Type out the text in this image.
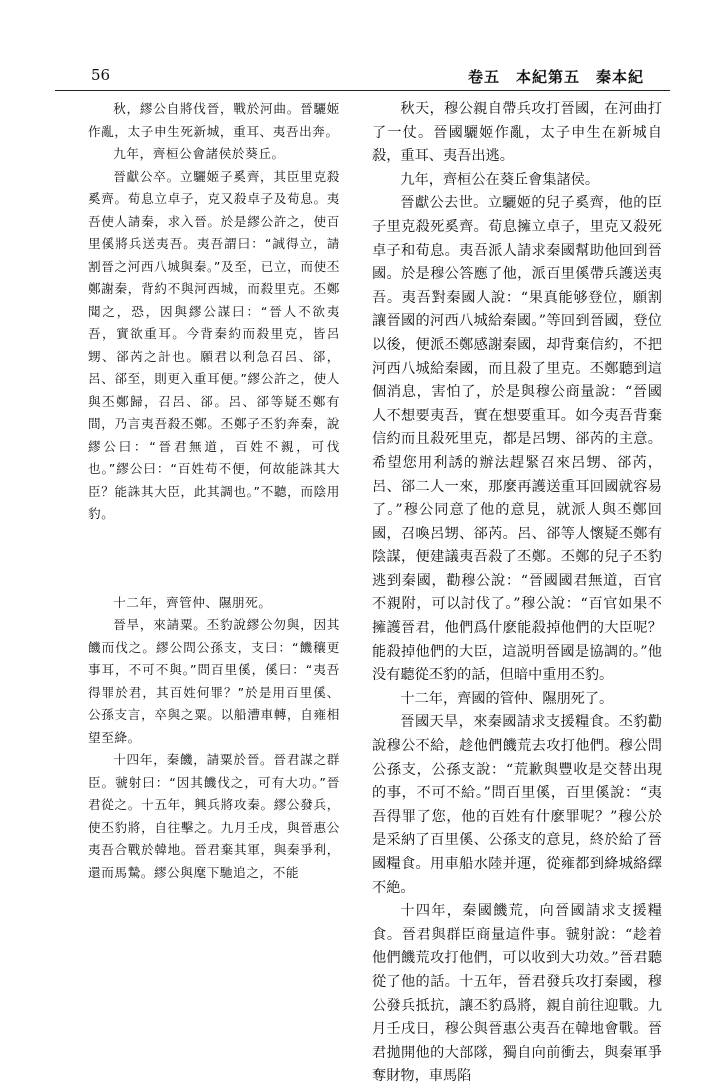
56	卷五　本紀第五　秦本紀

秋，繆公自將伐晉，戰於河曲。晉驪姬作亂，太子申生死新城，重耳、夷吾出奔。

九年，齊桓公會諸侯於葵丘。

晉獻公卒。立驪姬子奚齊，其臣里克殺奚齊。荀息立卓子，克又殺卓子及荀息。夷吾使人請秦，求入晉。於是繆公許之，使百里傒將兵送夷吾。夷吾謂曰：“誠得立，請割晉之河西八城與秦。”及至，已立，而使丕鄭謝秦，背約不與河西城，而殺里克。丕鄭聞之，恐，因與繆公謀曰：“晉人不欲夷吾，實欲重耳。今背秦約而殺里克，皆呂甥、郤芮之計也。願君以利急召呂、郤，呂、郤至，則更入重耳便。”繆公許之，使人與丕鄭歸，召呂、郤。呂、郤等疑丕鄭有間，乃言夷吾殺丕鄭。丕鄭子丕豹奔秦，說繆公曰：“晉君無道，百姓不親，可伐也。”繆公曰：“百姓苟不便，何故能誅其大臣？能誅其大臣，此其調也。”不聽，而陰用豹。

十二年，齊管仲、隰朋死。

晉旱，來請粟。丕豹說繆公勿與，因其饑而伐之。繆公問公孫支，支曰：“饑穰更事耳，不可不與。”問百里傒，傒曰：“夷吾得罪於君，其百姓何罪？”於是用百里傒、公孫支言，卒與之粟。以船漕車轉，自雍相望至絳。

十四年，秦饑，請粟於晉。晉君謀之群臣。虢射曰：“因其饑伐之，可有大功。”晉君從之。十五年，興兵將攻秦。繆公發兵，使丕豹將，自往擊之。九月壬戌，與晉惠公夷吾合戰於韓地。晉君棄其軍，與秦爭利，還而馬騺。繆公與麾下馳追之，不能

秋天，穆公親自帶兵攻打晉國，在河曲打了一仗。晉國驪姬作亂，太子申生在新城自殺，重耳、夷吾出逃。

九年，齊桓公在葵丘會集諸侯。

晉獻公去世。立驪姬的兒子奚齊，他的臣子里克殺死奚齊。荀息擁立卓子，里克又殺死卓子和荀息。夷吾派人請求秦國幫助他回到晉國。於是穆公答應了他，派百里傒帶兵護送夷吾。夷吾對秦國人說：“果真能够登位，願割讓晉國的河西八城給秦國。”等回到晉國，登位以後，便派丕鄭感謝秦國，却背棄信約，不把河西八城給秦國，而且殺了里克。丕鄭聽到這個消息，害怕了，於是與穆公商量說：“晉國人不想要夷吾，實在想要重耳。如今夷吾背棄信約而且殺死里克，都是呂甥、郤芮的主意。希望您用利誘的辦法趕緊召來呂甥、郤芮，呂、郤二人一來，那麼再護送重耳回國就容易了。”穆公同意了他的意見，就派人與丕鄭回國，召喚呂甥、郤芮。呂、郤等人懷疑丕鄭有陰謀，便建議夷吾殺了丕鄭。丕鄭的兒子丕豹逃到秦國，勸穆公說：“晉國國君無道，百官不親附，可以討伐了。”穆公說：“百官如果不擁護晉君，他們爲什麽能殺掉他們的大臣呢？能殺掉他們的大臣，這説明晉國是協調的。”他没有聽從丕豹的話，但暗中重用丕豹。

十二年，齊國的管仲、隰朋死了。

晉國天旱，來秦國請求支援糧食。丕豹勸說穆公不給，趁他們饑荒去攻打他們。穆公問公孫支，公孫支說：“荒歉與豐收是交替出現的事，不可不給。”問百里傒，百里傒說：“夷吾得罪了您，他的百姓有什麽罪呢？”穆公於是采納了百里傒、公孫支的意見，終於給了晉國糧食。用車船水陸并運，從雍都到絳城絡繹不絶。

十四年，秦國饑荒，向晉國請求支援糧食。晉君與群臣商量這件事。虢射說：“趁着他們饑荒攻打他們，可以收到大功效。”晉君聽從了他的話。十五年，晉君發兵攻打秦國，穆公發兵抵抗，讓丕豹爲將，親自前往迎戰。九月壬戌日，穆公與晉惠公夷吾在韓地會戰。晉君拋開他的大部隊，獨自向前衝去，與秦軍爭奪財物，車馬陷
